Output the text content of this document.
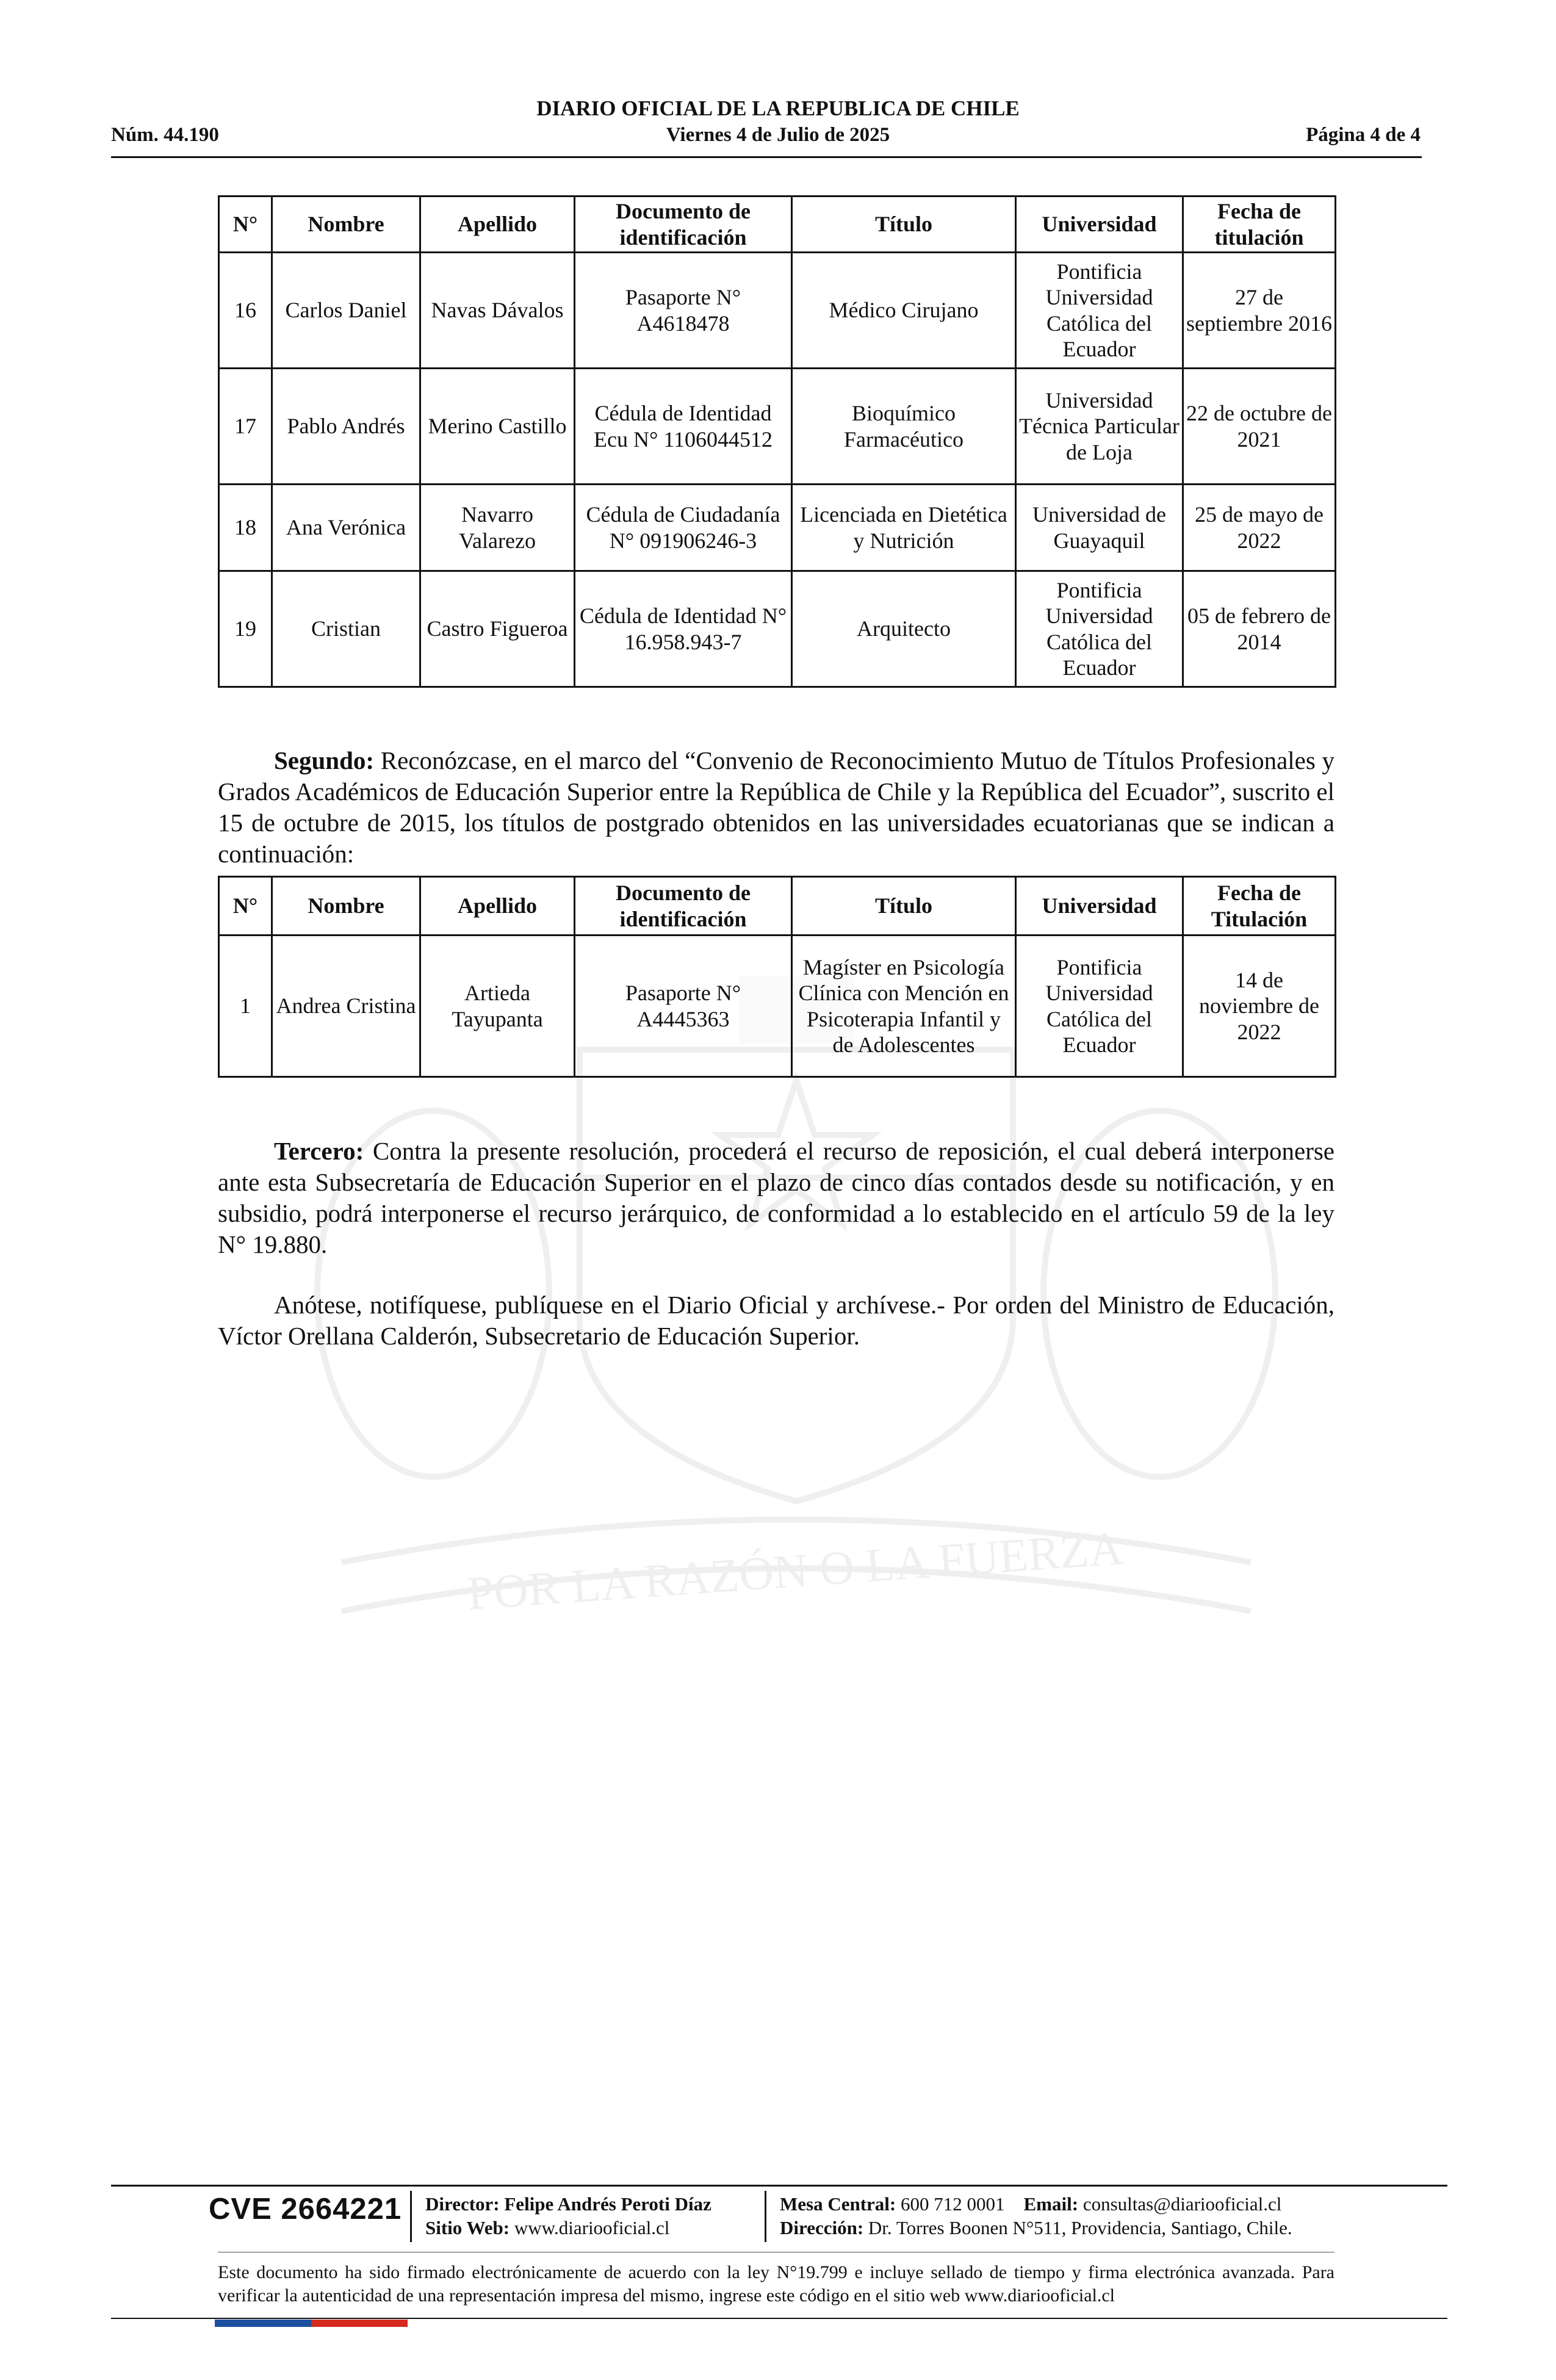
POR LA RAZÓN O LA FUERZA
DIARIO OFICIAL DE LA REPUBLICA DE CHILE
Núm. 44.190	Viernes 4 de Julio de 2025	Página 4 de 4
N°	Nombre	Apellido	Documento de identificación	Título	Universidad	Fecha de titulación
16	Carlos Daniel	Navas Dávalos	Pasaporte N° A4618478	Médico Cirujano	Pontificia Universidad Católica del Ecuador	27 de septiembre 2016
17	Pablo Andrés	Merino Castillo	Cédula de Identidad Ecu N° 1106044512	Bioquímico Farmacéutico	Universidad Técnica Particular de Loja	22 de octubre de 2021
18	Ana Verónica	Navarro Valarezo	Cédula de Ciudadanía N° 091906246-3	Licenciada en Dietética y Nutrición	Universidad de Guayaquil	25 de mayo de 2022
19	Cristian	Castro Figueroa	Cédula de Identidad N° 16.958.943-7	Arquitecto	Pontificia Universidad Católica del Ecuador	05 de febrero de 2014

Segundo: Reconózcase, en el marco del “Convenio de Reconocimiento Mutuo de Títulos Profesionales y Grados Académicos de Educación Superior entre la República de Chile y la República del Ecuador”, suscrito el 15 de octubre de 2015, los títulos de postgrado obtenidos en las universidades ecuatorianas que se indican a continuación:

N°	Nombre	Apellido	Documento de identificación	Título	Universidad	Fecha de Titulación
1	Andrea Cristina	Artieda Tayupanta	Pasaporte N° A4445363	Magíster en Psicología Clínica con Mención en Psicoterapia Infantil y de Adolescentes	Pontificia Universidad Católica del Ecuador	14 de noviembre de 2022

Tercero: Contra la presente resolución, procederá el recurso de reposición, el cual deberá interponerse ante esta Subsecretaría de Educación Superior en el plazo de cinco días contados desde su notificación, y en subsidio, podrá interponerse el recurso jerárquico, de conformidad a lo establecido en el artículo 59 de la ley N° 19.880.

Anótese, notifíquese, publíquese en el Diario Oficial y archívese.- Por orden del Ministro de Educación, Víctor Orellana Calderón, Subsecretario de Educación Superior.

CVE 2664221 Director: Felipe Andrés Peroti Díaz
Sitio Web: www.diariooficial.cl
Mesa Central: 600 712 0001 Email: consultas@diariooficial.cl
Dirección: Dr. Torres Boonen N°511, Providencia, Santiago, Chile.
Este documento ha sido firmado electrónicamente de acuerdo con la ley N°19.799 e incluye sellado de tiempo y firma electrónica avanzada. Para verificar la autenticidad de una representación impresa del mismo, ingrese este código en el sitio web www.diariooficial.cl
